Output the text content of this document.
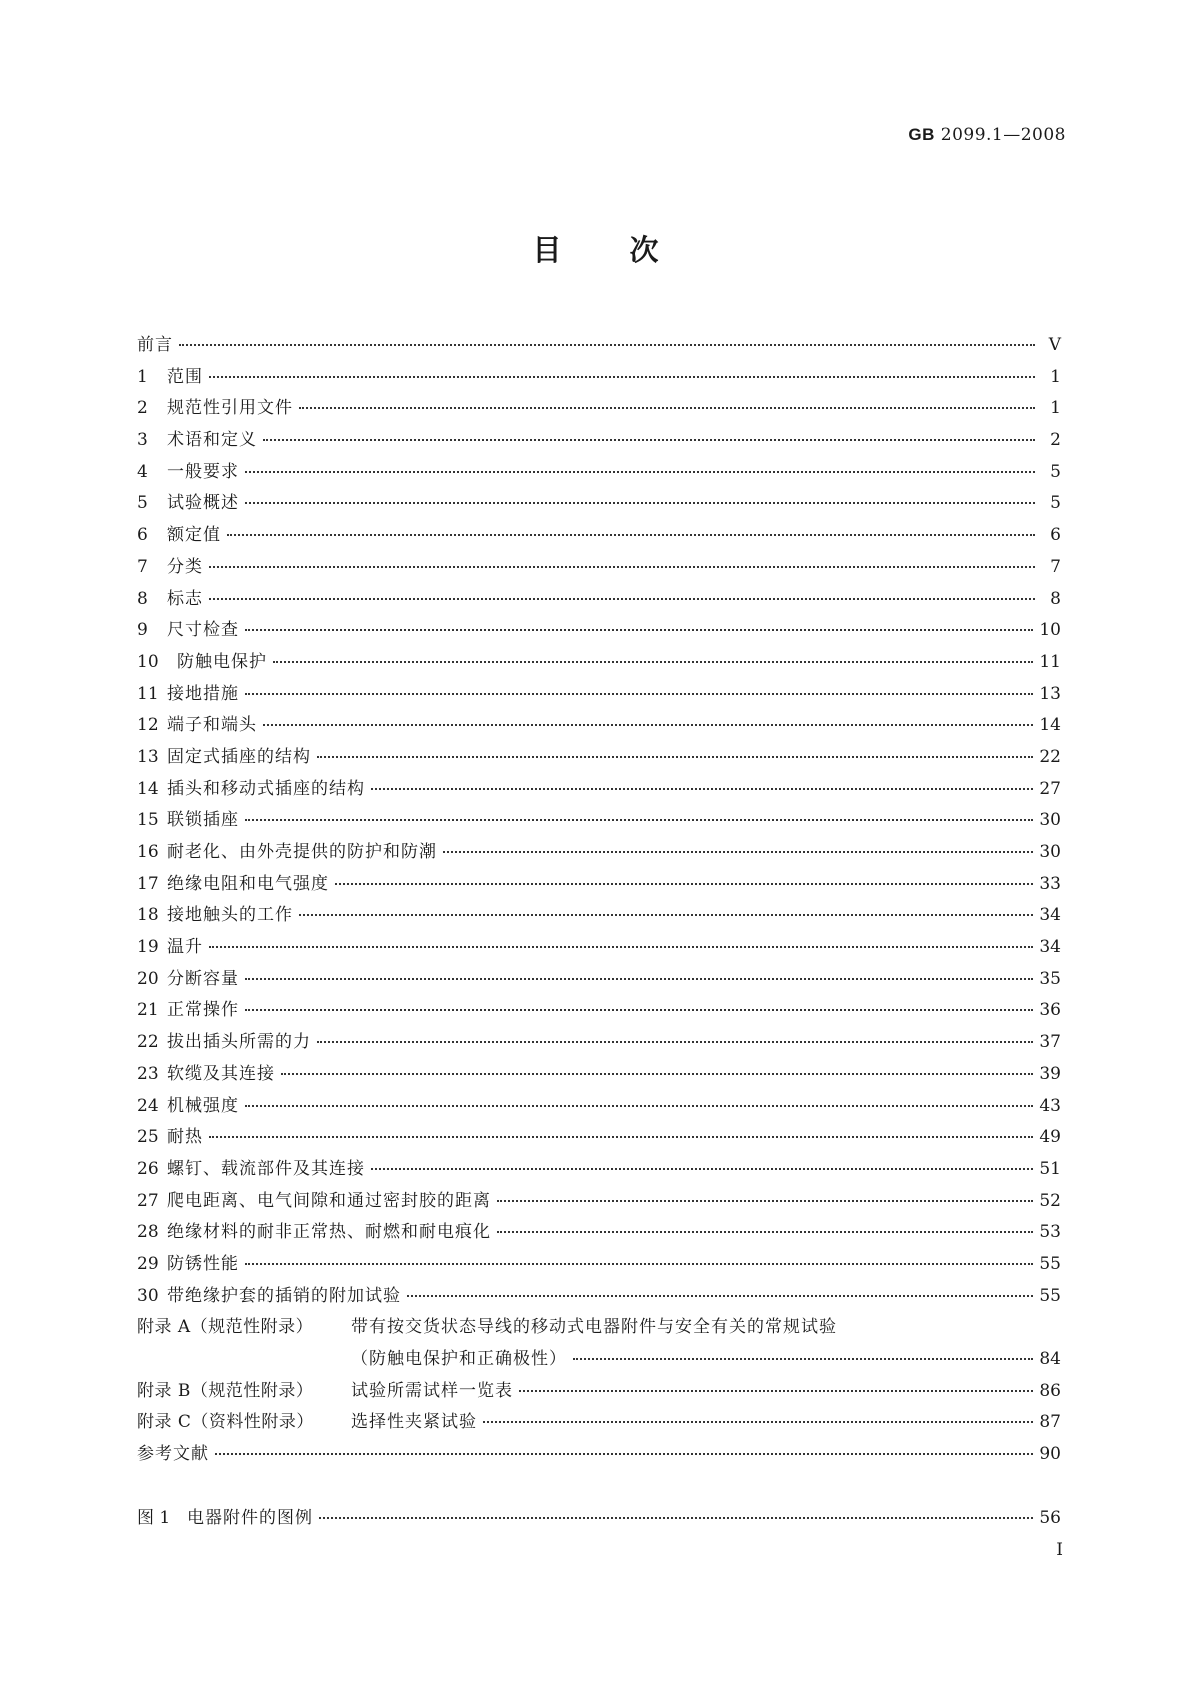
GB 2099.1—2008
目 次
前言	V
1	范围	1
2	规范性引用文件	1
3	术语和定义	2
4	一般要求	5
5	试验概述	5
6	额定值	6
7	分类	7
8	标志	8
9	尺寸检查	10
10	防触电保护	11
11 接地措施	13
12 端子和端头	14
13 固定式插座的结构	22
14 插头和移动式插座的结构	27
15 联锁插座	30
16 耐老化、由外壳提供的防护和防潮	30
17 绝缘电阻和电气强度	33
18 接地触头的工作	34
19 温升	34
20 分断容量	35
21 正常操作	36
22 拔出插头所需的力	37
23 软缆及其连接	39
24 机械强度	43
25 耐热	49
26 螺钉、载流部件及其连接	51
27 爬电距离、电气间隙和通过密封胶的距离	52
28 绝缘材料的耐非正常热、耐燃和耐电痕化	53
29 防锈性能	55
30 带绝缘护套的插销的附加试验	55
附录 A（规范性附录）	带有按交货状态导线的移动式电器附件与安全有关的常规试验
（防触电保护和正确极性）	84
附录 B（规范性附录）	试验所需试样一览表	86
附录 C（资料性附录）	选择性夹紧试验	87
参考文献	90
图 1 电器附件的图例	56
I
